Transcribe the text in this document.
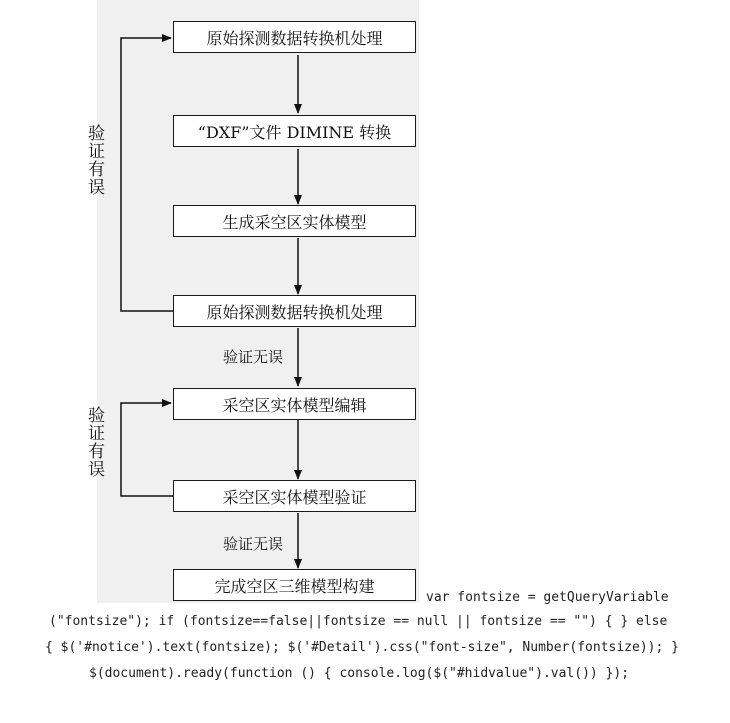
原始探测数据转换机处理
“DXF”文件 DIMINE 转换
生成采空区实体模型
原始探测数据转换机处理
采空区实体模型编辑
采空区实体模型验证
完成空区三维模型构建
验证无误
验证无误
验证有误
验证有误
var fontsize = getQueryVariable
("fontsize"); if (fontsize==false||fontsize == null || fontsize == "") { } else
{ $('#notice').text(fontsize); $('#Detail').css("font-size", Number(fontsize)); }
$(document).ready(function () { console.log($("#hidvalue").val()) });
